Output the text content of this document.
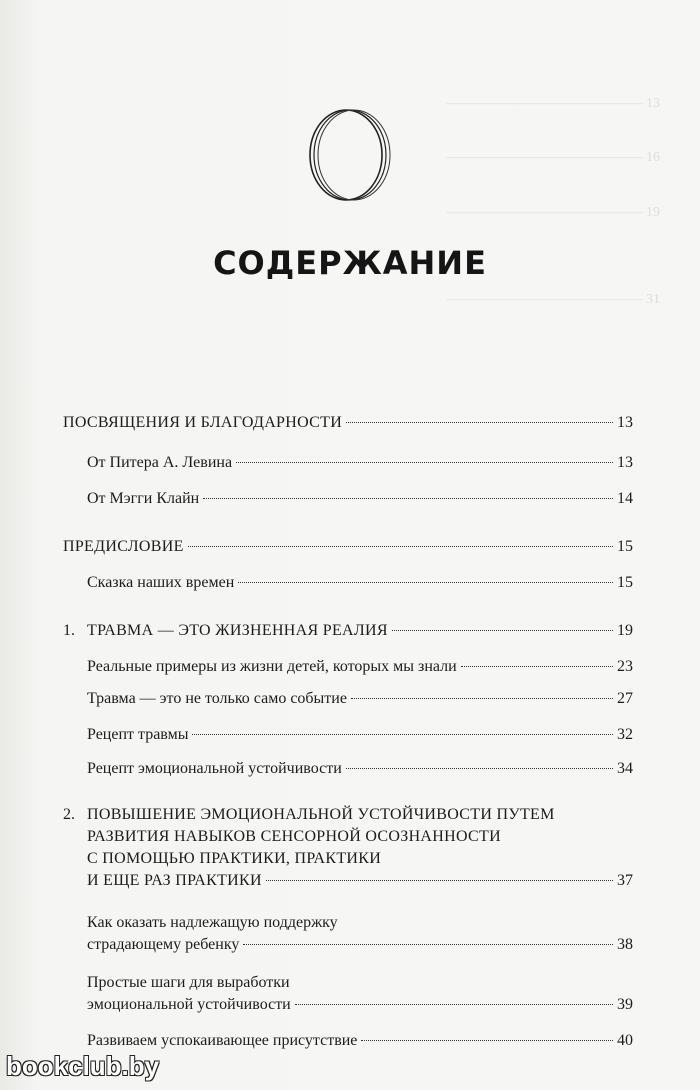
—————————————— 13
—————————————— 16
—————————————— 19
—————————————— 31
СОДЕРЖАНИЕ
ПОСВЯЩЕНИЯ И БЛАГОДАРНОСТИ	13
От Питера А. Левина	13
От Мэгги Клайн	14
ПРЕДИСЛОВИЕ	15
Сказка наших времен	15
1. ТРАВМА — ЭТО ЖИЗНЕННАЯ РЕАЛИЯ	19
Реальные примеры из жизни детей, которых мы знали	23
Травма — это не только само событие	27
Рецепт травмы	32
Рецепт эмоциональной устойчивости	34
2. ПОВЫШЕНИЕ ЭМОЦИОНАЛЬНОЙ УСТОЙЧИВОСТИ ПУТЕМ
РАЗВИТИЯ НАВЫКОВ СЕНСОРНОЙ ОСОЗНАННОСТИ
С ПОМОЩЬЮ ПРАКТИКИ, ПРАКТИКИ
И ЕЩЕ РАЗ ПРАКТИКИ	37
Как оказать надлежащую поддержку
страдающему ребенку	38
Простые шаги для выработки
эмоциональной устойчивости	39
Развиваем успокаивающее присутствие	40
bookclub.by
